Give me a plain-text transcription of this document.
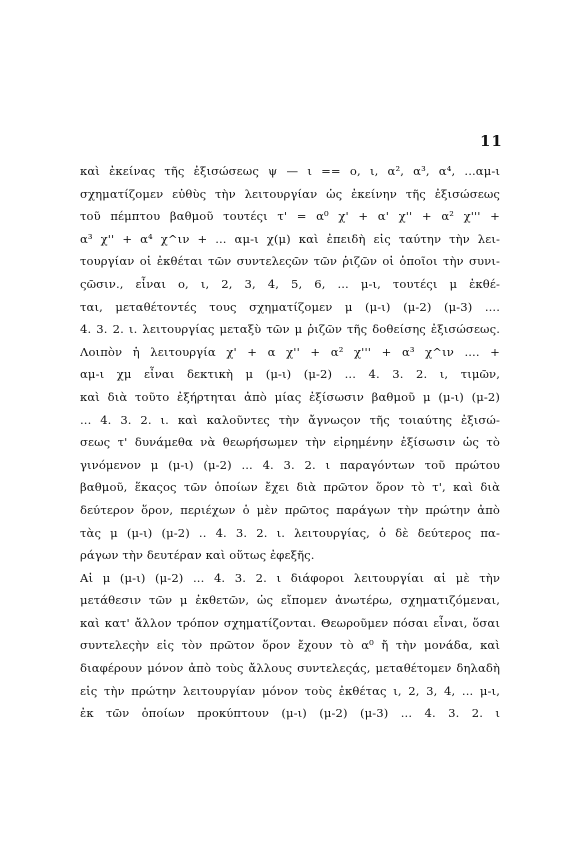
11
καὶ ἐκείνας τῆς ἐξισώσεως ψ — ι == ο, ι, α², α³, α⁴, ...αμ-ι
σχηματίζομεν εὐθὺς τὴν λειτουργίαν ὡς ἐκείνην τῆς ἐξισώσεως
τοῦ πέμπτου βαθμοῦ τουτέςι τ' = α⁰ χ' + α' χ'' + α² χ''' +
α³ χ'' + α⁴ χ^ιν + ... αμ-ι χ(μ) καὶ ἐπειδὴ εἰς ταύτην τὴν λει-
τουργίαν οἱ ἐκθέται τῶν συντελεςῶν τῶν ῥιζῶν οἱ ὁποῖοι τὴν συνι-
ςῶσιν., εἶναι ο, ι, 2, 3, 4, 5, 6, ... μ-ι, τουτέςι μ ἐκθέ-
ται, μεταθέτοντές τους σχηματίζομεν μ (μ-ι) (μ-2) (μ-3) ....
4. 3. 2. ι. λειτουργίας μεταξὺ τῶν μ ῥιζῶν τῆς δοθείσης ἐξισώσεως.
Λοιπὸν ἡ λειτουργία χ' + α χ'' + α² χ''' + α³ χ^ιν .... +
αμ-ι χμ εἶναι δεκτικὴ μ (μ-ι) (μ-2) ... 4. 3. 2. ι, τιμῶν,
καὶ διὰ τοῦτο ἐξήρτηται ἀπὸ μίας ἐξίσωσιν βαθμοῦ μ (μ-ι) (μ-2)
... 4. 3. 2. ι. καὶ καλοῦντες τὴν ἄγνωςον τῆς τοιαύτης ἐξισώ-
σεως τ' δυνάμεθα νὰ θεωρήσωμεν τὴν εἰρημένην ἐξίσωσιν ὡς τὸ
γινόμενον μ (μ-ι) (μ-2) ... 4. 3. 2. ι παραγόντων τοῦ πρώτου
βαθμοῦ, ἕκαςος τῶν ὁποίων ἔχει διὰ πρῶτον ὅρον τὸ τ', καὶ διὰ
δεύτερον ὅρον, περιέχων ὁ μὲν πρῶτος παράγων τὴν πρώτην ἀπὸ
τὰς μ (μ-ι) (μ-2) .. 4. 3. 2. ι. λειτουργίας, ὁ δὲ δεύτερος πα-
ράγων τὴν δευτέραν καὶ οὕτως ἐφεξῆς.
Αἱ μ (μ-ι) (μ-2) ... 4. 3. 2. ι διάφοροι λειτουργίαι αἱ μὲ τὴν
μετάθεσιν τῶν μ ἐκθετῶν, ὡς εἴπομεν ἀνωτέρω, σχηματιζόμεναι,
καὶ κατ' ἄλλον τρόπον σχηματίζονται. Θεωροῦμεν πόσαι εἶναι, ὅσαι
συντελεςὴν εἰς τὸν πρῶτον ὅρον ἔχουν τὸ α⁰ ἤ τὴν μονάδα, καὶ
διαφέρουν μόνον ἀπὸ τοὺς ἄλλους συντελεςάς, μεταθέτομεν δηλαδὴ
εἰς τὴν πρώτην λειτουργίαν μόνον τοὺς ἐκθέτας ι, 2, 3, 4, ... μ-ι,
ἐκ τῶν ὁποίων προκύπτουν (μ-ι) (μ-2) (μ-3) ... 4. 3. 2. ι
